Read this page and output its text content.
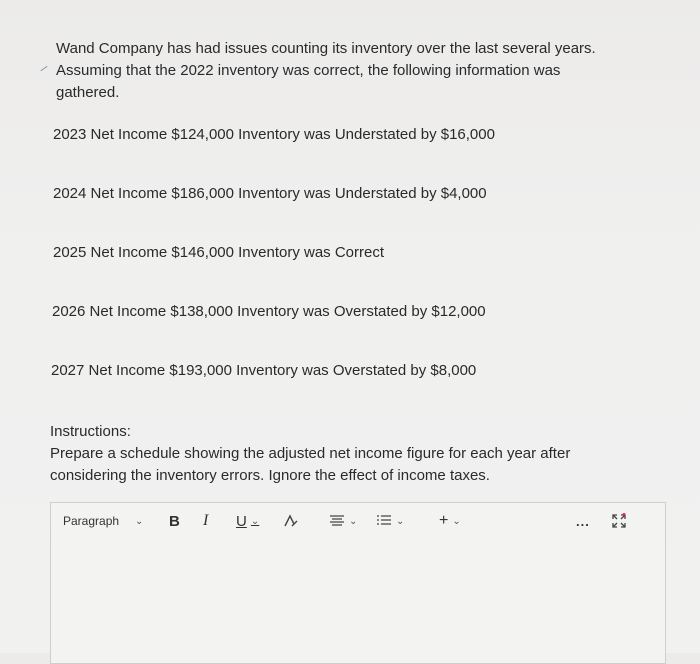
Wand Company has had issues counting its inventory over the last several years. Assuming that the 2022 inventory was correct, the following information was gathered.
2023 Net Income $124,000 Inventory was Understated by $16,000
2024 Net Income $186,000 Inventory was Understated by $4,000
2025 Net Income $146,000 Inventory was Correct
2026 Net Income $138,000 Inventory was Overstated by $12,000
2027 Net Income $193,000 Inventory was Overstated by $8,000
Instructions:
Prepare a schedule showing the adjusted net income figure for each year after considering the inventory errors. Ignore the effect of income taxes.
Paragraph ⌄ B I U ⌄	⌄	⌄ + ⌄	...
